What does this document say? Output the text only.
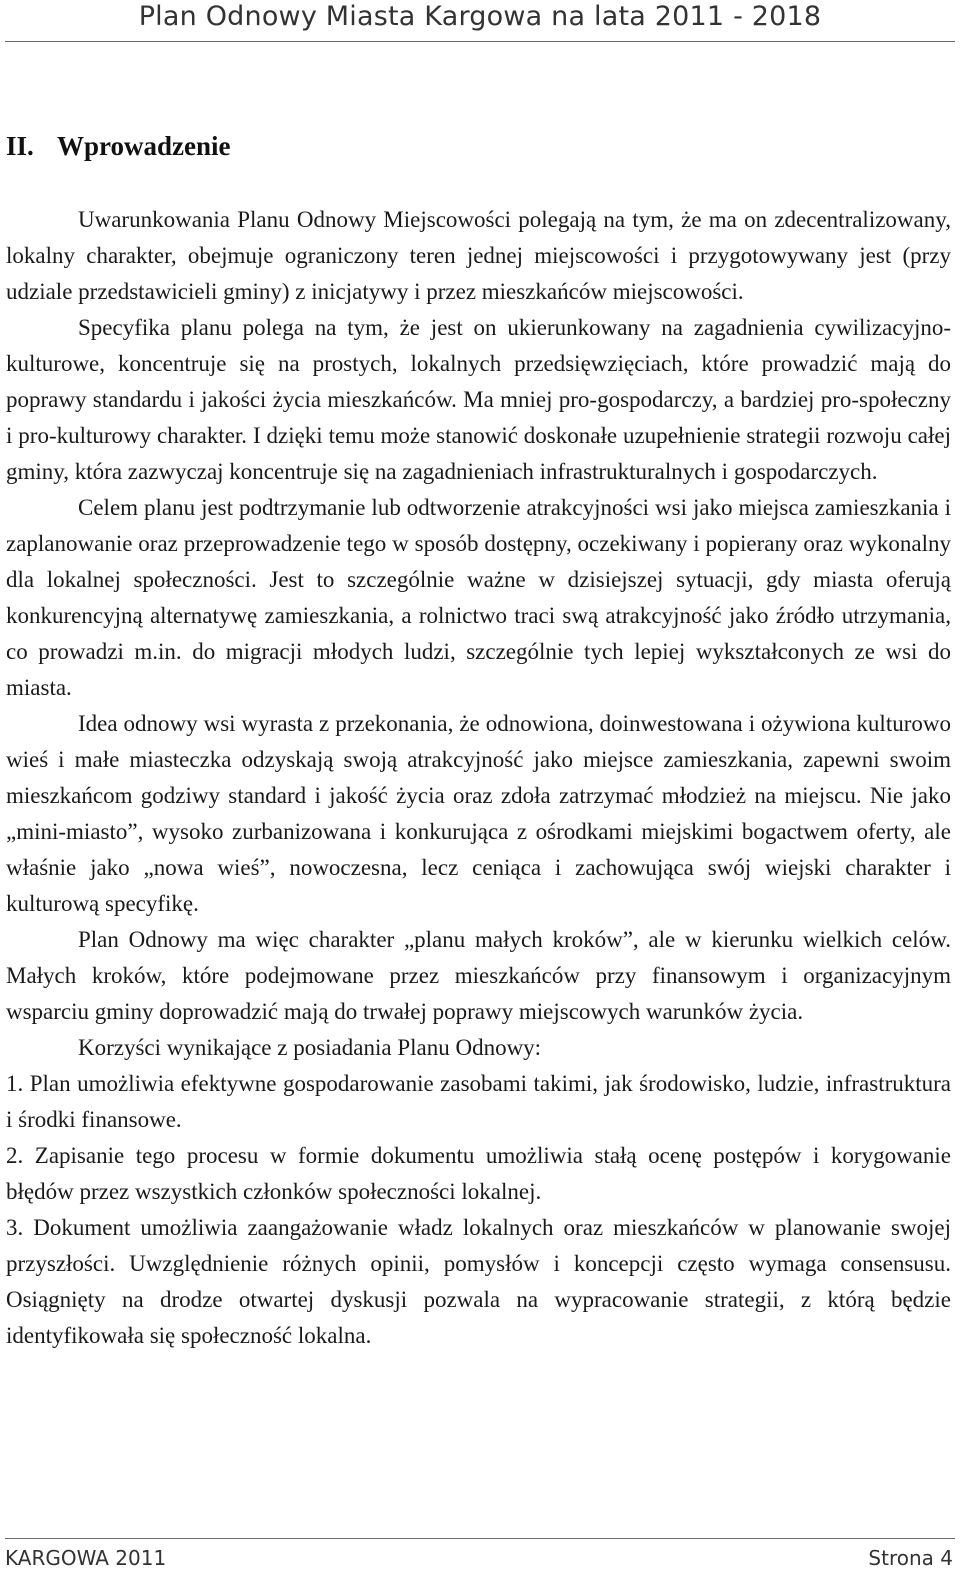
Plan Odnowy Miasta Kargowa na lata 2011 - 2018
II. Wprowadzenie

Uwarunkowania Planu Odnowy Miejscowości polegają na tym, że ma on zdecentralizowany, lokalny charakter, obejmuje ograniczony teren jednej miejscowości i przygotowywany jest (przy udziale przedstawicieli gminy) z inicjatywy i przez mieszkańców miejscowości.

Specyfika planu polega na tym, że jest on ukierunkowany na zagadnienia cywilizacyjno-kulturowe, koncentruje się na prostych, lokalnych przedsięwzięciach, które prowadzić mają do poprawy standardu i jakości życia mieszkańców. Ma mniej pro-gospodarczy, a bardziej pro-społeczny i pro-kulturowy charakter. I dzięki temu może stanowić doskonałe uzupełnienie strategii rozwoju całej gminy, która zazwyczaj koncentruje się na zagadnieniach infrastrukturalnych i gospodarczych.

Celem planu jest podtrzymanie lub odtworzenie atrakcyjności wsi jako miejsca zamieszkania i zaplanowanie oraz przeprowadzenie tego w sposób dostępny, oczekiwany i popierany oraz wykonalny dla lokalnej społeczności. Jest to szczególnie ważne w dzisiejszej sytuacji, gdy miasta oferują konkurencyjną alternatywę zamieszkania, a rolnictwo traci swą atrakcyjność jako źródło utrzymania, co prowadzi m.in. do migracji młodych ludzi, szczególnie tych lepiej wykształconych ze wsi do miasta.

Idea odnowy wsi wyrasta z przekonania, że odnowiona, doinwestowana i ożywiona kulturowo wieś i małe miasteczka odzyskają swoją atrakcyjność jako miejsce zamieszkania, zapewni swoim mieszkańcom godziwy standard i jakość życia oraz zdoła zatrzymać młodzież na miejscu. Nie jako „mini-miasto”, wysoko zurbanizowana i konkurująca z ośrodkami miejskimi bogactwem oferty, ale właśnie jako „nowa wieś”, nowoczesna, lecz ceniąca i zachowująca swój wiejski charakter i kulturową specyfikę.

Plan Odnowy ma więc charakter „planu małych kroków”, ale w kierunku wielkich celów. Małych kroków, które podejmowane przez mieszkańców przy finansowym i organizacyjnym wsparciu gminy doprowadzić mają do trwałej poprawy miejscowych warunków życia.

Korzyści wynikające z posiadania Planu Odnowy:

1. Plan umożliwia efektywne gospodarowanie zasobami takimi, jak środowisko, ludzie, infrastruktura i środki finansowe.

2. Zapisanie tego procesu w formie dokumentu umożliwia stałą ocenę postępów i korygowanie błędów przez wszystkich członków społeczności lokalnej.

3. Dokument umożliwia zaangażowanie władz lokalnych oraz mieszkańców w planowanie swojej przyszłości. Uwzględnienie różnych opinii, pomysłów i koncepcji często wymaga consensusu. Osiągnięty na drodze otwartej dyskusji pozwala na wypracowanie strategii, z którą będzie identyfikowała się społeczność lokalna.

KARGOWA 2011	Strona 4
